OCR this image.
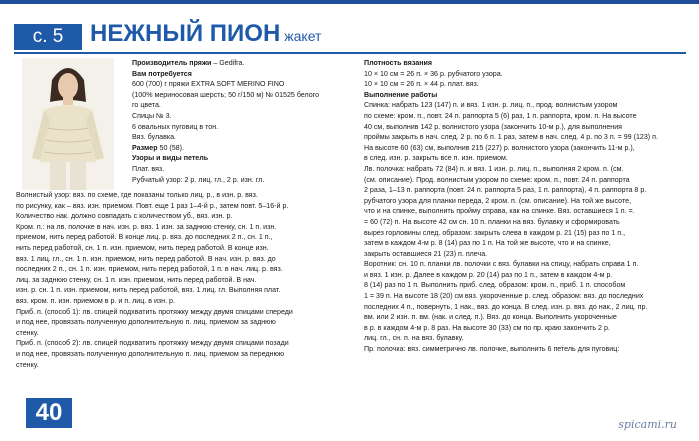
с. 5	НЕЖНЫЙ ПИОН жакет
Производитель пряжи – Gedifra.
Вам потребуется
600 (700) г пряжи EXTRA SOFT MERINO FINO
(100% мериносовая шерсть; 50 г/150 м) № 01525 белого
го цвета.
Спицы № 3.
6 овальных пуговиц в тон.
Вяз. булавка.
Размер 50 (58).
Узоры и виды петель
Плат. вяз.
Рубчатый узор: 2 р. лиц. гл., 2 р. изн. гл.
Волнистый узор: вяз. по схеме, где показаны только лиц. р., в изн. р. вяз.
по рисунку, как – вяз. изн. приемом. Повт. еще 1 раз 1–4-й р., затем повт. 5–16-й р.
Количество нак. должно совпадать с количеством уб., вяз. изн. р.
Кром. п.: на лв. полочке в нач. изн. р. вяз. 1 изн. за заднюю стенку, сн. 1 п. изн.
приемом, нить перед работой. В конце лиц. р. вяз. до последних 2 п., сн. 1 п.,
нить перед работой, сн. 1 п. изн. приемом, нить перед работой. В конце изн.
вяз. 1 лиц. гл., сн. 1 п. изн. приемом, нить перед работой. В нач. изн. р. вяз. до
последних 2 п., сн. 1 п. изн. приемом, нить перед работой, 1 п. в нач. лиц. р. вяз.
лиц. за заднюю стенку, сн. 1 п. изн. приемом, нить перед работой. В нач.
изн. р. сн. 1 п. изн. приемом, нить перед работой, вяз. 1 лиц. гл. Выполняя плат.
вяз. кром. п. изн. приемом в р. и п. лиц. в изн. р.
Приб. п. (способ 1): лв. спицей подхватить протяжку между двумя спицами спереди
и под нее, провязать полученную дополнительную п. лиц. приемом за заднюю
стенку.
Приб. п. (способ 2): лв. спицей подхватить протяжку между двумя спицами позади
и под нее, провязать полученную дополнительную п. лиц. приемом за переднюю
стенку.
Плотность вязания
10 × 10 см = 26 п. × 36 р. рубчатого узора.
10 × 10 см = 26 п. × 44 р. плат. вяз.
Выполнение работы
Спинка: набрать 123 (147) п. и вяз. 1 изн. р. лиц. п., прод. волнистым узором
по схеме: кром. п., повт. 24 п. раппорта 5 (6) раз, 1 п. раппорта, кром. п. На высоте
40 см, выполнив 142 р. волнистого узора (закончить 10-м р.), для выполнения
проймы закрыть в нач. след. 2 р. по 6 п. 1 раз, затем в нач. след. 4 р. по 3 п. = 99 (123) п.
На высоте 60 (63) см, выполнив 215 (227) р. волнистого узора (закончить 11-м р.),
в след. изн. р. закрыть все п. изн. приемом.
Лв. полочка: набрать 72 (84) п. и вяз. 1 изн. р. лиц. п., выполняя 2 кром. п. (см.
(см. описание). Прод. волнистым узором по схеме: кром. п., повт. 24 п. раппорта
2 раза, 1–13 п. раппорта (повт. 24 п. раппорта 5 раз, 1 п. раппорта), 4 п. раппорта 8 р.
рубчатого узора для планки переда, 2 кром. п. (см. описание). На той же высоте,
что и на спинке, выполнить пройму справа, как на спинке. Вяз. оставшиеся 1 п. =.
= 60 (72) п. На высоте 42 см сн. 10 п. планки на вяз. булавку и сформировать
вырез горловины след. образом: закрыть слева в каждом р. 21 (15) раз по 1 п.,
затем в каждом 4-м р. 8 (14) раз по 1 п. На той же высоте, что и на спинке,
закрыть оставшиеся 21 (23) п. плеча.
Воротник: сн. 10 п. планки лв. полочки с вяз. булавки на спицу, набрать справа 1 п.
и вяз. 1 изн. р. Далее в каждом р. 20 (14) раз по 1 п., затем в каждом 4-м р.
8 (14) раз по 1 п. Выполнить приб. след. образом: кром. п., приб. 1 п. способом
1 = 39 п. На высоте 18 (20) см вяз. укороченные р. след. образом: вяз. до последних
последних 4 п., повернуть, 1 нак., вяз. до конца. В след. изн. р. вяз. до нак., 2 лиц. пр.
вм. или 2 изн. п. вм. (нак. и след. п.). Вяз. до конца. Выполнить укороченные
в р. в каждом 4-м р. 8 раз. На высоте 30 (33) см по пр. краю закончить 2 р.
лиц. гл., сн. п. на вяз. булавку.
Пр. полочка: вяз. симметрично лв. полочке, выполнить 6 петель для пуговиц:
40	spicami.ru
